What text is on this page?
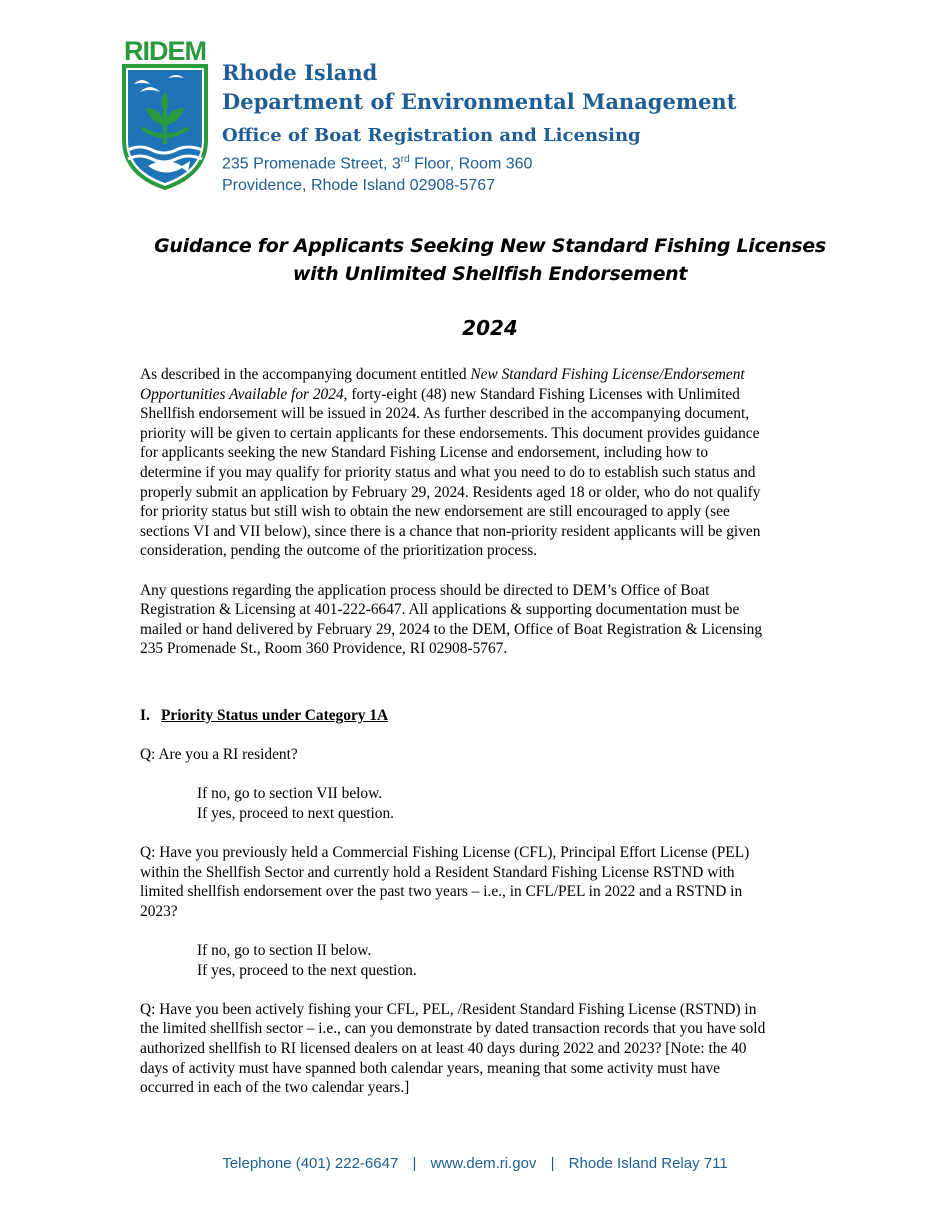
RIDEM
Rhode Island
Department of Environmental Management
Office of Boat Registration and Licensing
235 Promenade Street, 3rd Floor, Room 360
Providence, Rhode Island 02908-5767
Guidance for Applicants Seeking New Standard Fishing Licenses
with Unlimited Shellfish Endorsement
2024
As described in the accompanying document entitled New Standard Fishing License/Endorsement
Opportunities Available for 2024, forty-eight (48) new Standard Fishing Licenses with Unlimited
Shellfish endorsement will be issued in 2024. As further described in the accompanying document,
priority will be given to certain applicants for these endorsements. This document provides guidance
for applicants seeking the new Standard Fishing License and endorsement, including how to
determine if you may qualify for priority status and what you need to do to establish such status and
properly submit an application by February 29, 2024. Residents aged 18 or older, who do not qualify
for priority status but still wish to obtain the new endorsement are still encouraged to apply (see
sections VI and VII below), since there is a chance that non-priority resident applicants will be given
consideration, pending the outcome of the prioritization process.
Any questions regarding the application process should be directed to DEM’s Office of Boat
Registration & Licensing at 401-222-6647. All applications & supporting documentation must be
mailed or hand delivered by February 29, 2024 to the DEM, Office of Boat Registration & Licensing
235 Promenade St., Room 360 Providence, RI 02908-5767.
I. Priority Status under Category 1A
Q: Are you a RI resident?
If no, go to section VII below.
If yes, proceed to next question.
Q: Have you previously held a Commercial Fishing License (CFL), Principal Effort License (PEL)
within the Shellfish Sector and currently hold a Resident Standard Fishing License RSTND with
limited shellfish endorsement over the past two years – i.e., in CFL/PEL in 2022 and a RSTND in
2023?
If no, go to section II below.
If yes, proceed to the next question.
Q: Have you been actively fishing your CFL, PEL, /Resident Standard Fishing License (RSTND) in
the limited shellfish sector – i.e., can you demonstrate by dated transaction records that you have sold
authorized shellfish to RI licensed dealers on at least 40 days during 2022 and 2023? [Note: the 40
days of activity must have spanned both calendar years, meaning that some activity must have
occurred in each of the two calendar years.]
Telephone (401) 222-6647 | www.dem.ri.gov | Rhode Island Relay 711
